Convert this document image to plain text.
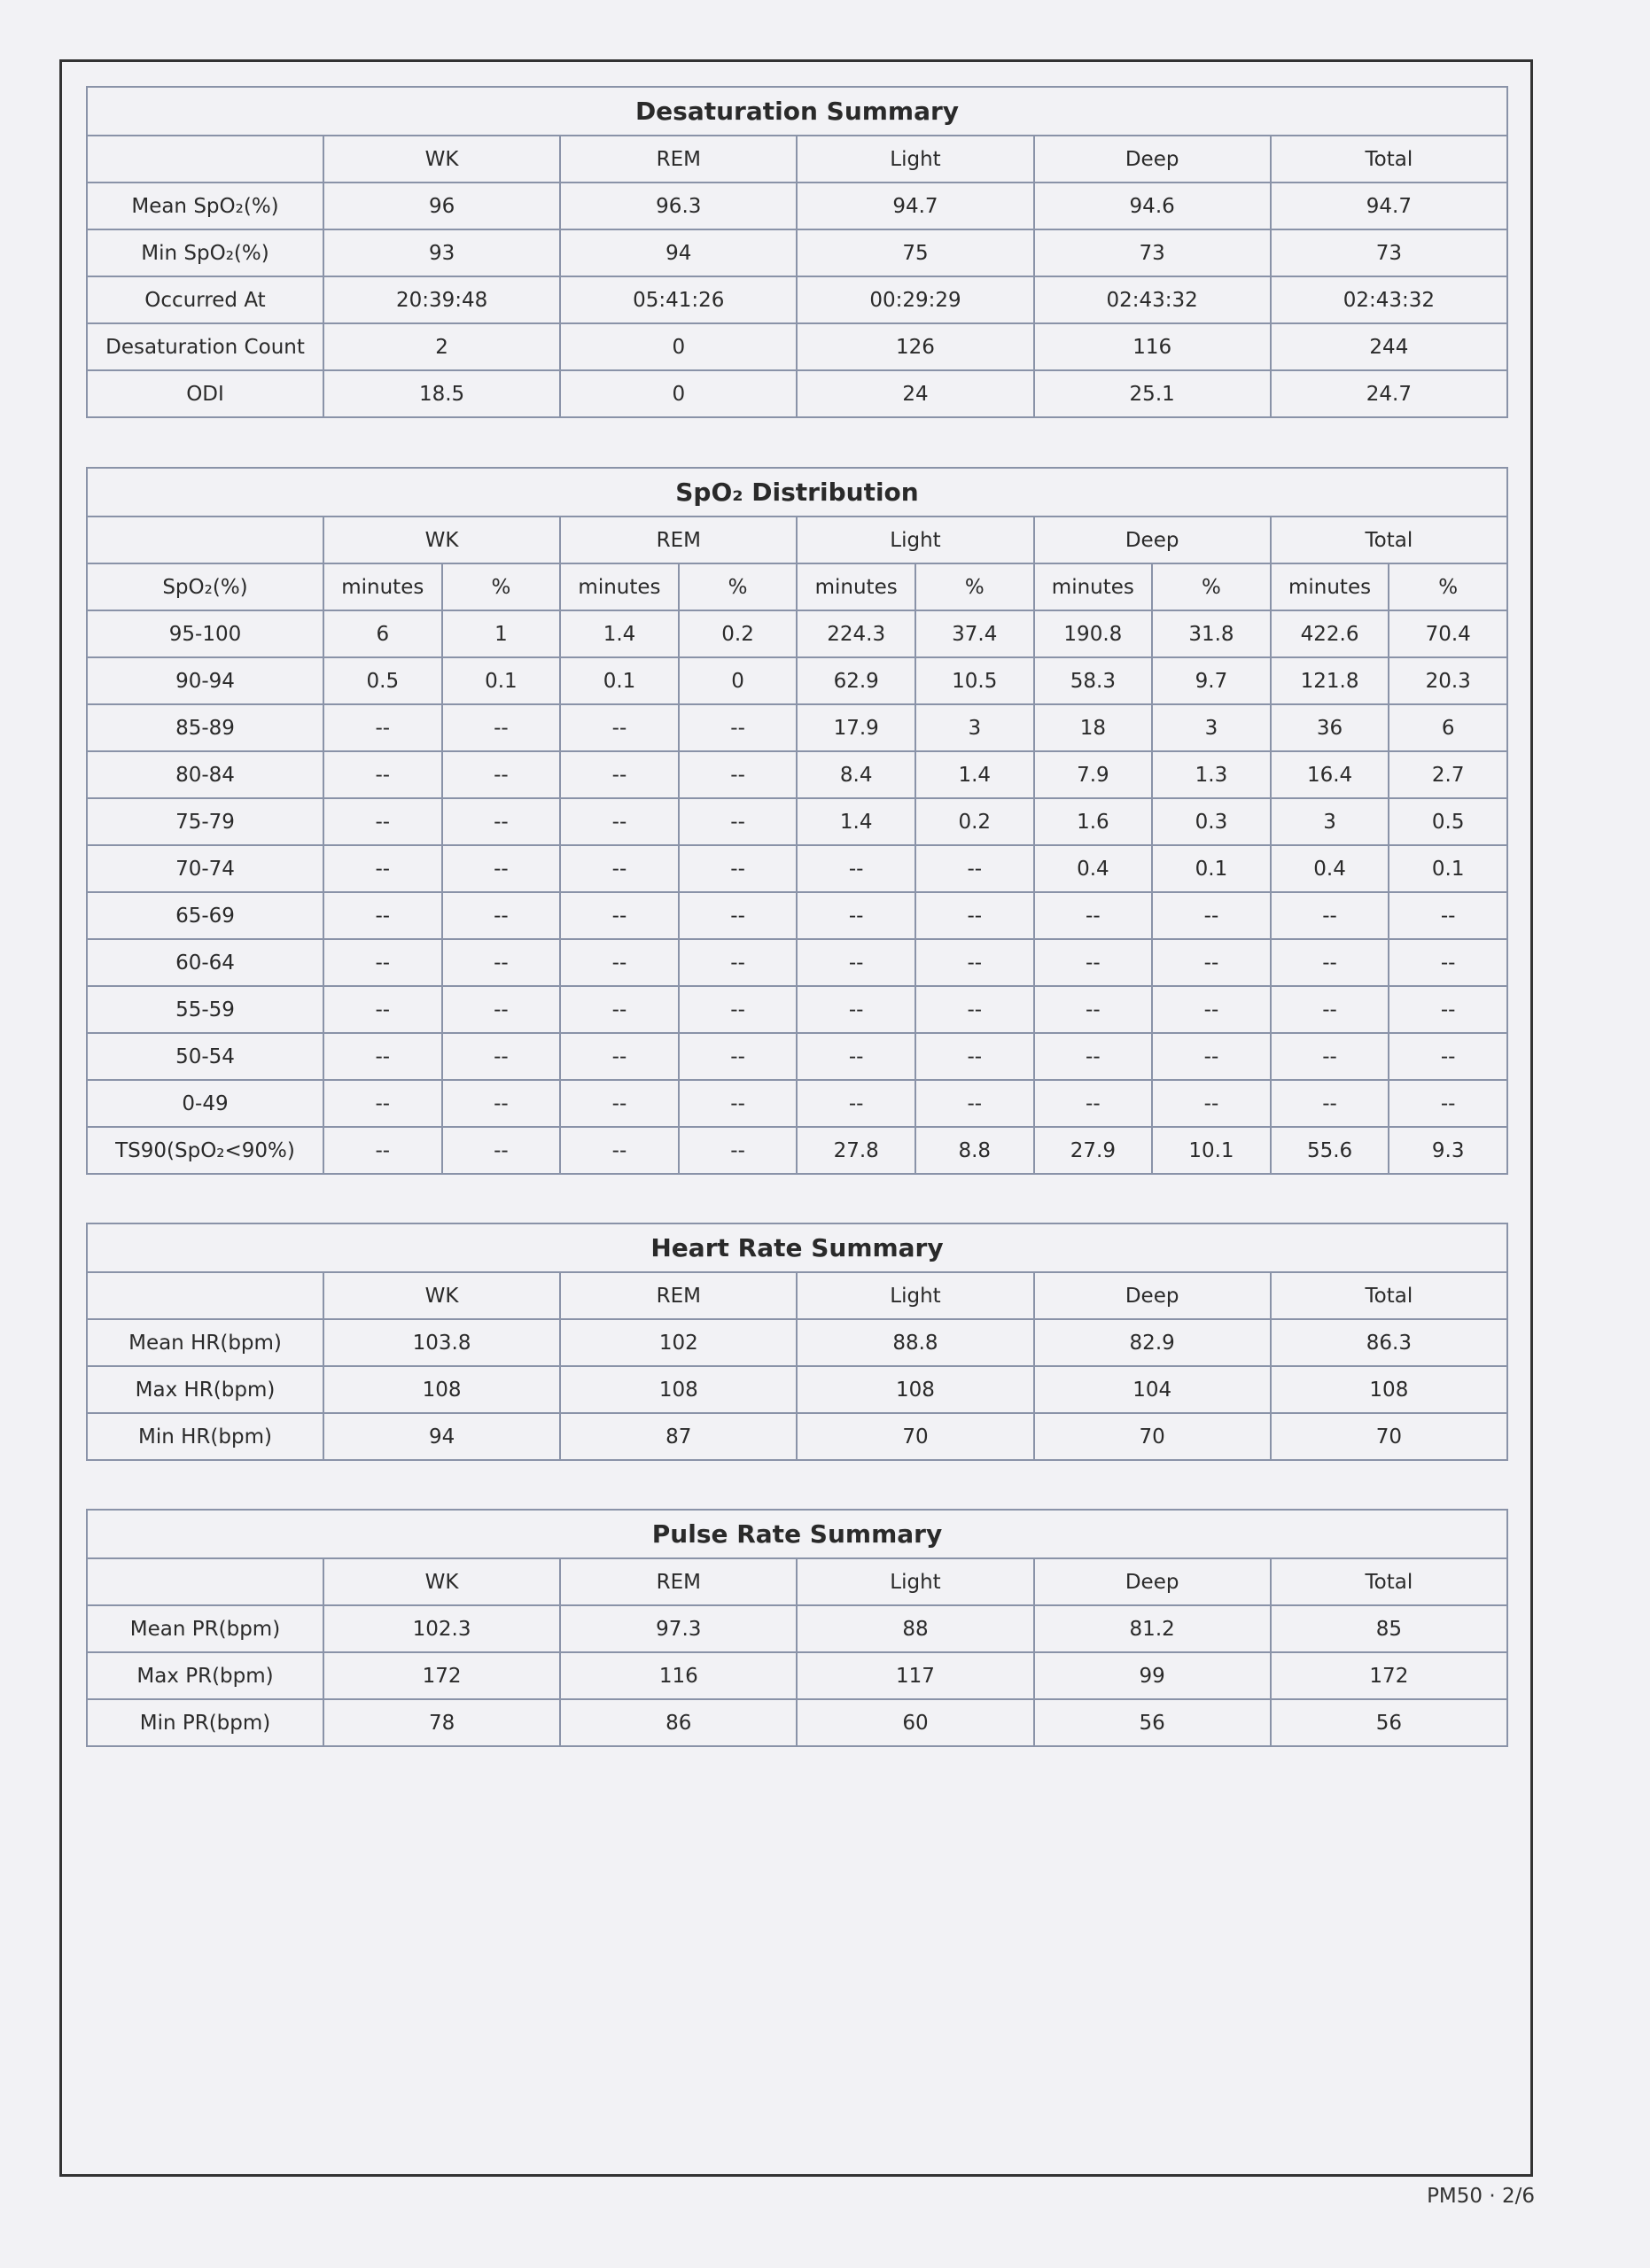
Desaturation Summary					
	WK	REM	Light	Deep	Total
Mean SpO₂(%)	96	96.3	94.7	94.6	94.7
Min SpO₂(%)	93	94	75	73	73
Occurred At	20:39:48	05:41:26	00:29:29	02:43:32	02:43:32
Desaturation Count	2	0	126	116	244
ODI	18.5	0	24	25.1	24.7
SpO₂ Distribution										
	WK		REM		Light		Deep		Total	
SpO₂(%)	minutes	%	minutes	%	minutes	%	minutes	%	minutes	%
95-100	6	1	1.4	0.2	224.3	37.4	190.8	31.8	422.6	70.4
90-94	0.5	0.1	0.1	0	62.9	10.5	58.3	9.7	121.8	20.3
85-89	--	--	--	--	17.9	3	18	3	36	6
80-84	--	--	--	--	8.4	1.4	7.9	1.3	16.4	2.7
75-79	--	--	--	--	1.4	0.2	1.6	0.3	3	0.5
70-74	--	--	--	--	--	--	0.4	0.1	0.4	0.1
65-69	--	--	--	--	--	--	--	--	--	--
60-64	--	--	--	--	--	--	--	--	--	--
55-59	--	--	--	--	--	--	--	--	--	--
50-54	--	--	--	--	--	--	--	--	--	--
0-49	--	--	--	--	--	--	--	--	--	--
TS90(SpO₂<90%)	--	--	--	--	27.8	8.8	27.9	10.1	55.6	9.3
Heart Rate Summary					
	WK	REM	Light	Deep	Total
Mean HR(bpm)	103.8	102	88.8	82.9	86.3
Max HR(bpm)	108	108	108	104	108
Min HR(bpm)	94	87	70	70	70
Pulse Rate Summary					
	WK	REM	Light	Deep	Total
Mean PR(bpm)	102.3	97.3	88	81.2	85
Max PR(bpm)	172	116	117	99	172
Min PR(bpm)	78	86	60	56	56
PM50 · 2/6
